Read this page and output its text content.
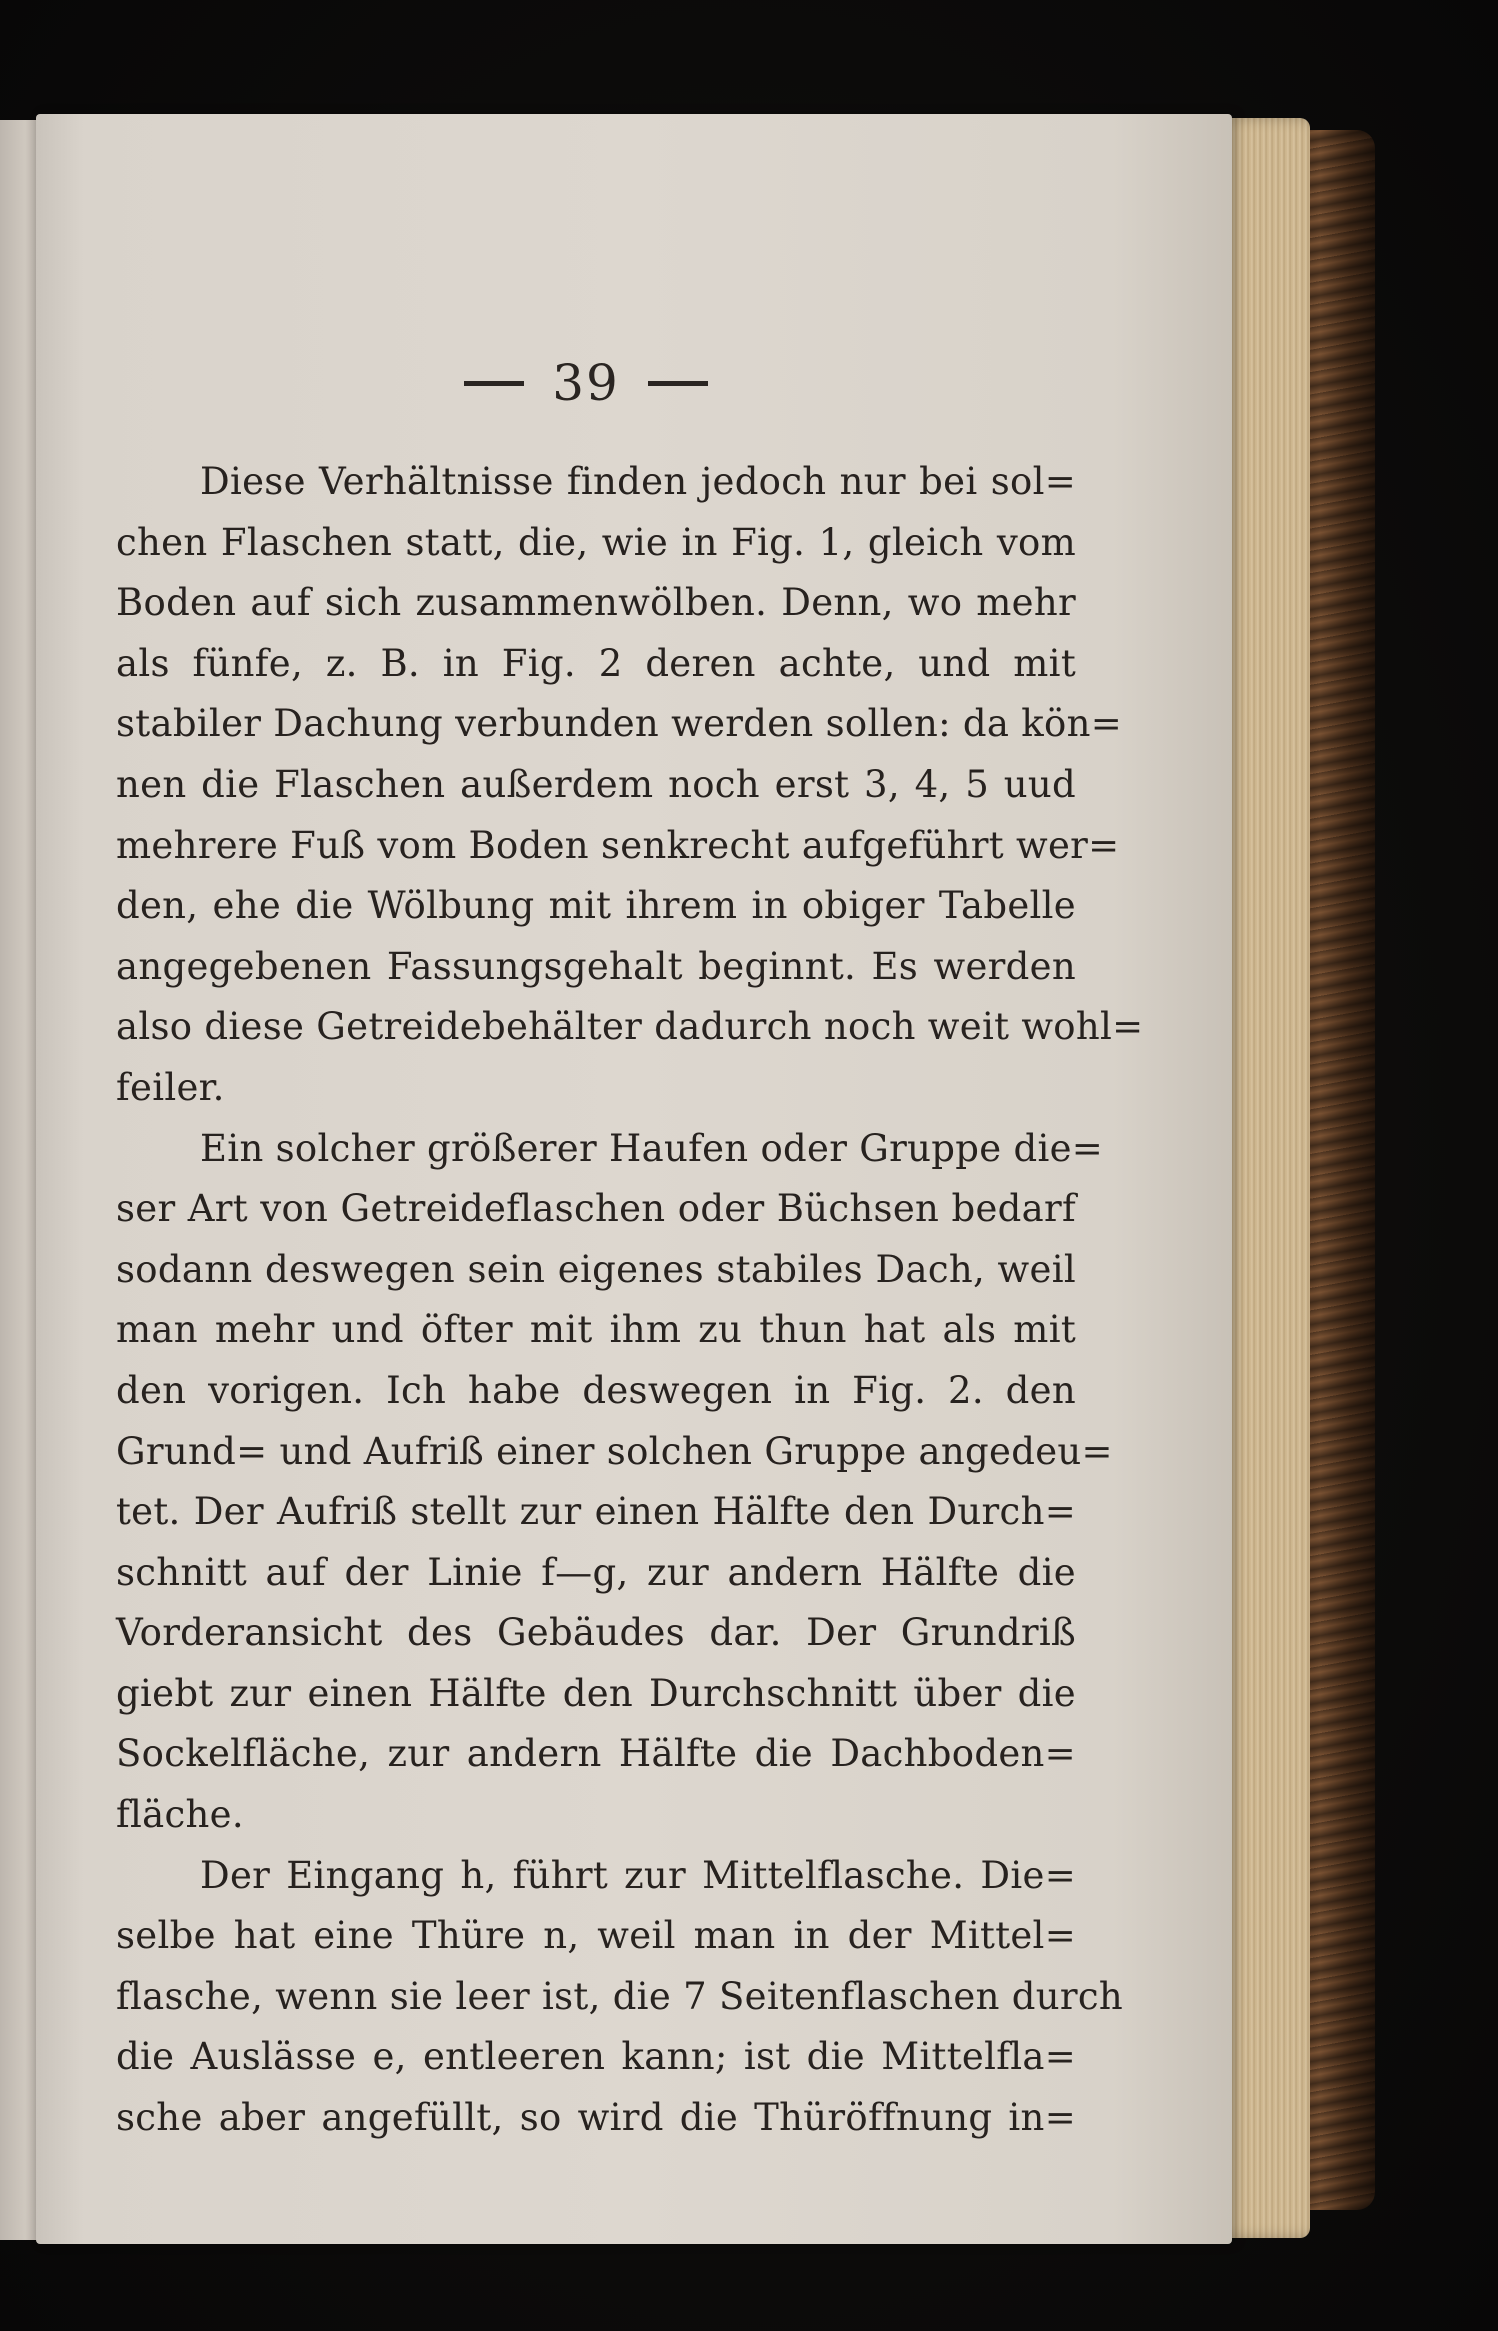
39
Diese Verhältnisse finden jedoch nur bei sol=
chen Flaschen statt, die, wie in Fig. 1, gleich vom
Boden auf sich zusammenwölben. Denn, wo mehr
als fünfe, z. B. in Fig. 2 deren achte, und mit
stabiler Dachung verbunden werden sollen: da kön=
nen die Flaschen außerdem noch erst 3, 4, 5 uud
mehrere Fuß vom Boden senkrecht aufgeführt wer=
den, ehe die Wölbung mit ihrem in obiger Tabelle
angegebenen Fassungsgehalt beginnt. Es werden
also diese Getreidebehälter dadurch noch weit wohl=
feiler.
Ein solcher größerer Haufen oder Gruppe die=
ser Art von Getreideflaschen oder Büchsen bedarf
sodann deswegen sein eigenes stabiles Dach, weil
man mehr und öfter mit ihm zu thun hat als mit
den vorigen. Ich habe deswegen in Fig. 2. den
Grund= und Aufriß einer solchen Gruppe angedeu=
tet. Der Aufriß stellt zur einen Hälfte den Durch=
schnitt auf der Linie f—g, zur andern Hälfte die
Vorderansicht des Gebäudes dar. Der Grundriß
giebt zur einen Hälfte den Durchschnitt über die
Sockelfläche, zur andern Hälfte die Dachboden=
fläche.
Der Eingang h, führt zur Mittelflasche. Die=
selbe hat eine Thüre n, weil man in der Mittel=
flasche, wenn sie leer ist, die 7 Seitenflaschen durch
die Auslässe e, entleeren kann; ist die Mittelfla=
sche aber angefüllt, so wird die Thüröffnung in=
